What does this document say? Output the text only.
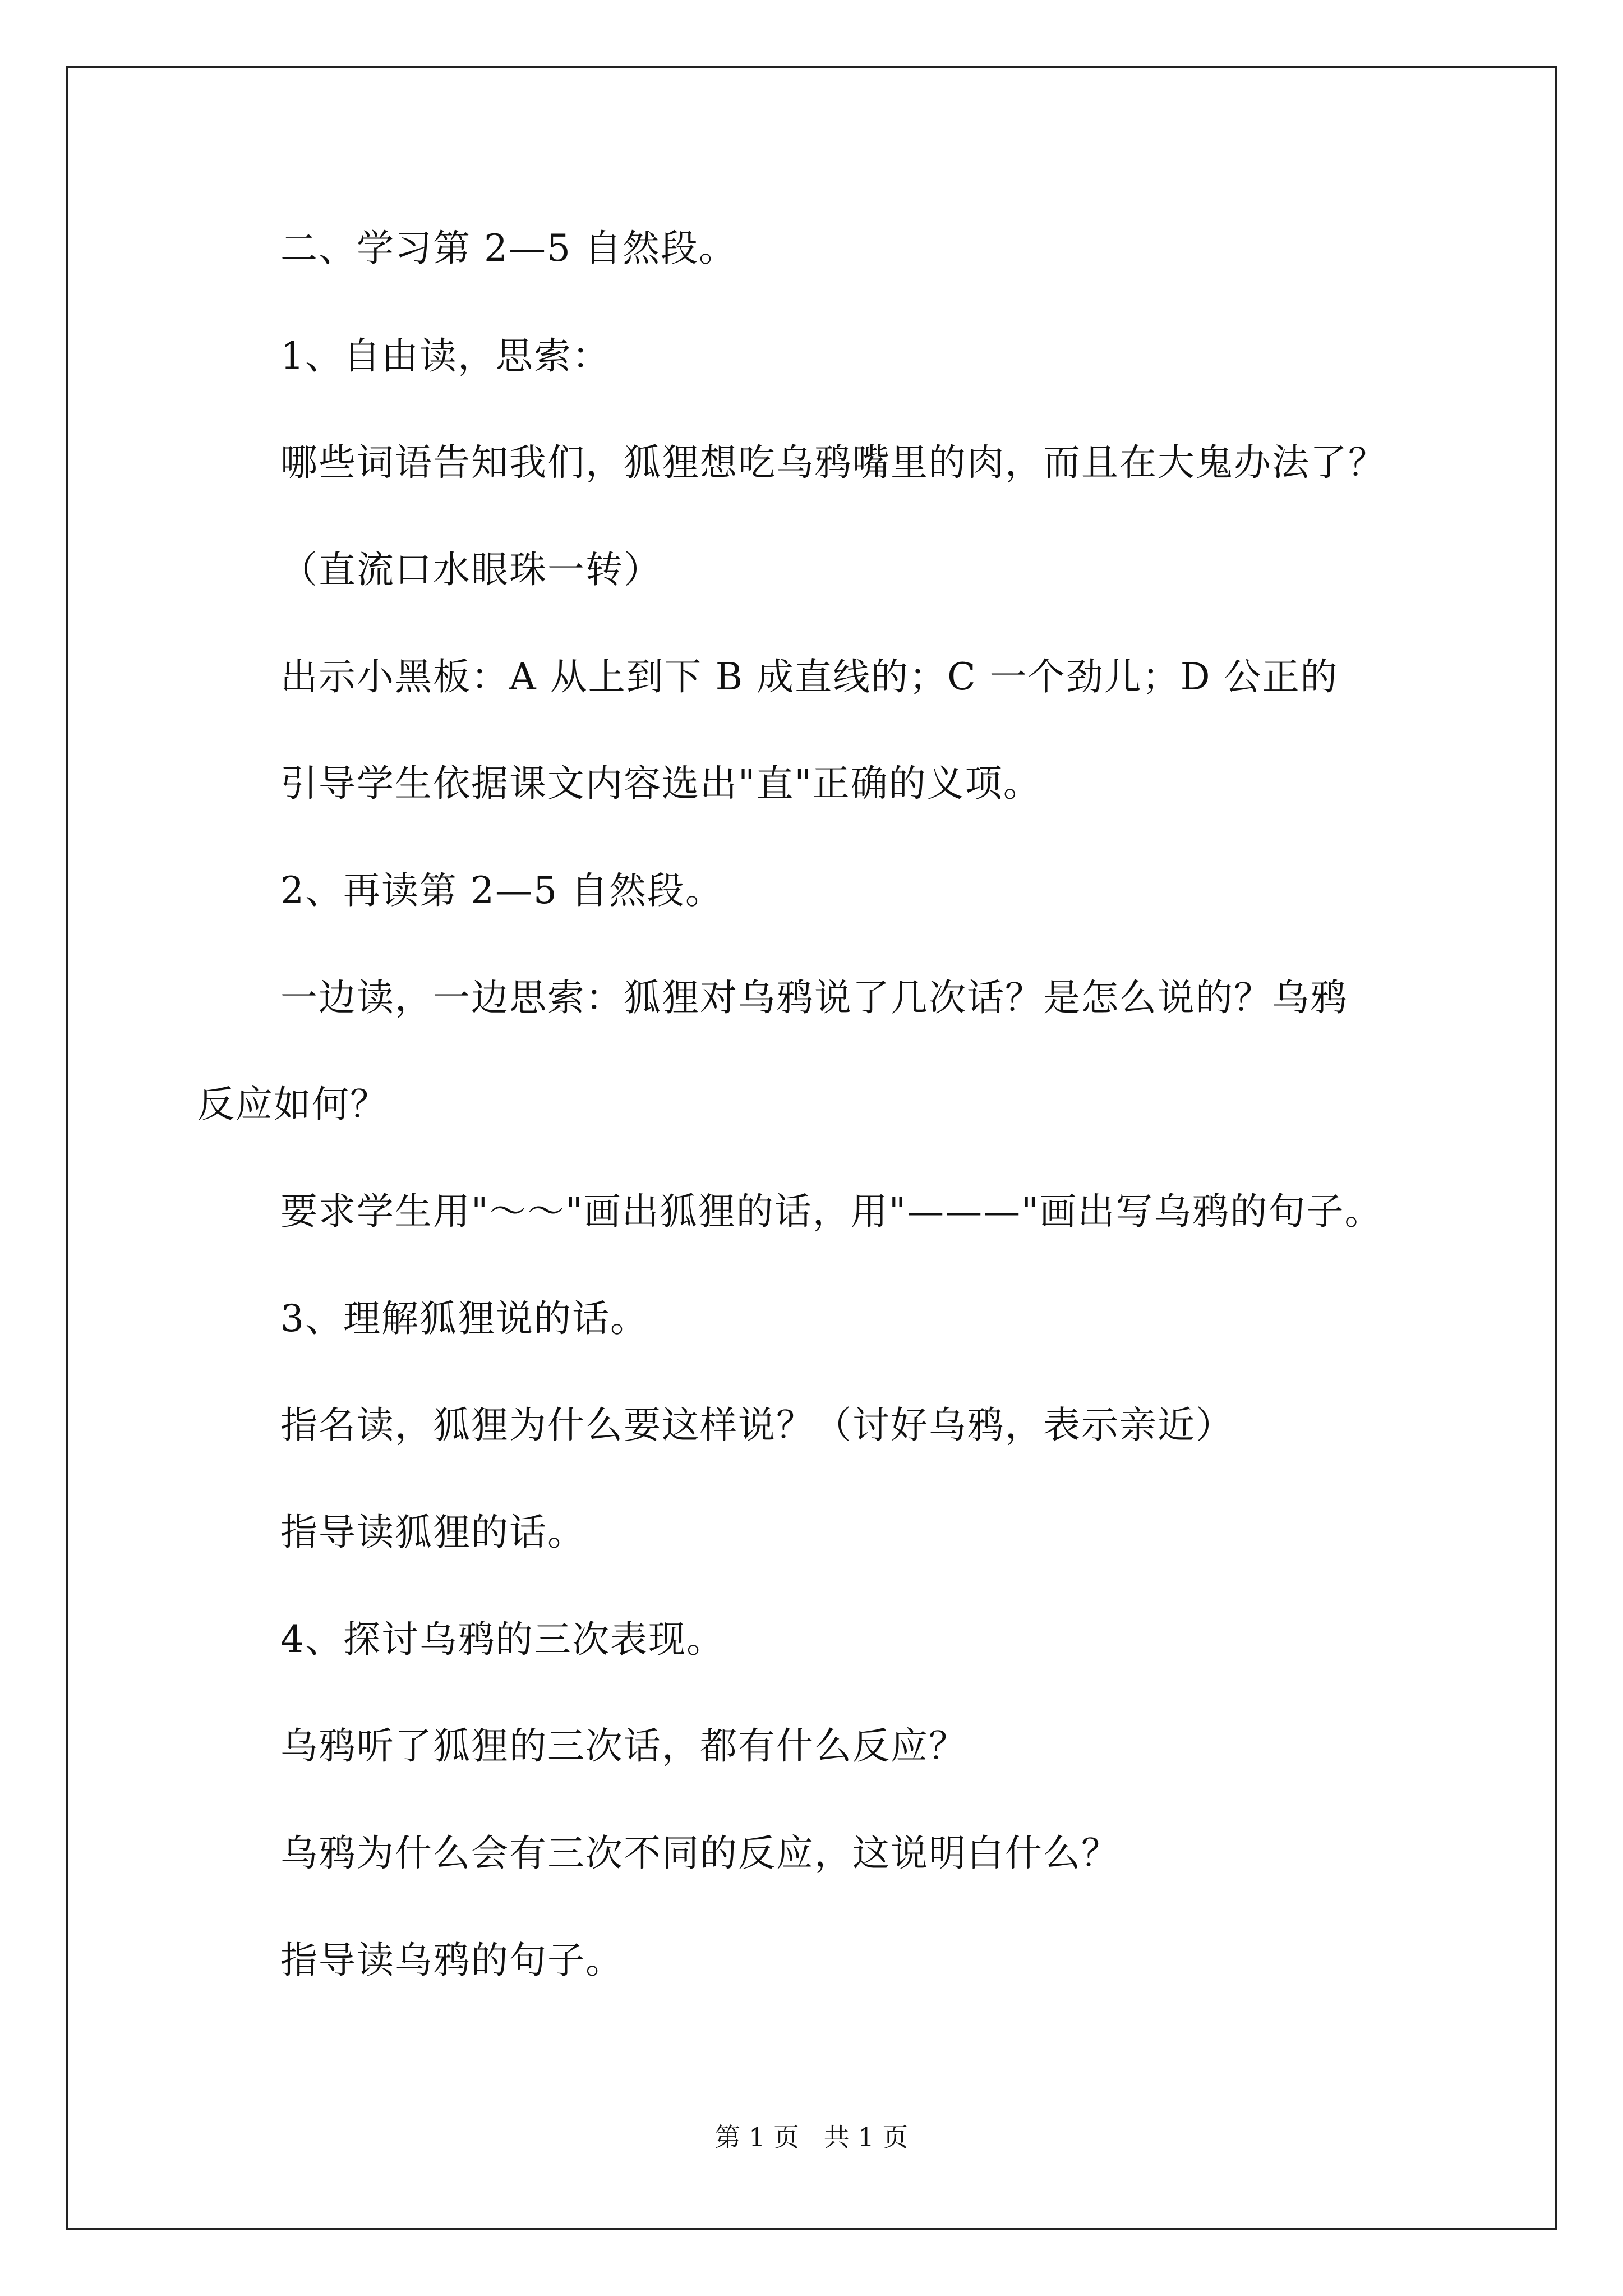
二、学习第 2—5 自然段。
1、自由读，思索：
哪些词语告知我们，狐狸想吃乌鸦嘴里的肉，而且在大鬼办法了？
（直流口水眼珠一转）
出示小黑板：A 从上到下 B 成直线的；C 一个劲儿；D 公正的
引导学生依据课文内容选出"直"正确的义项。
2、再读第 2—5 自然段。
一边读，一边思索：狐狸对乌鸦说了几次话？是怎么说的？乌鸦
反应如何？
要求学生用"～～"画出狐狸的话，用"———"画出写乌鸦的句子。
3、理解狐狸说的话。
指名读，狐狸为什么要这样说？（讨好乌鸦，表示亲近）
指导读狐狸的话。
4、探讨乌鸦的三次表现。
乌鸦听了狐狸的三次话，都有什么反应？
乌鸦为什么会有三次不同的反应，这说明白什么？
指导读乌鸦的句子。
第 1 页   共 1 页
